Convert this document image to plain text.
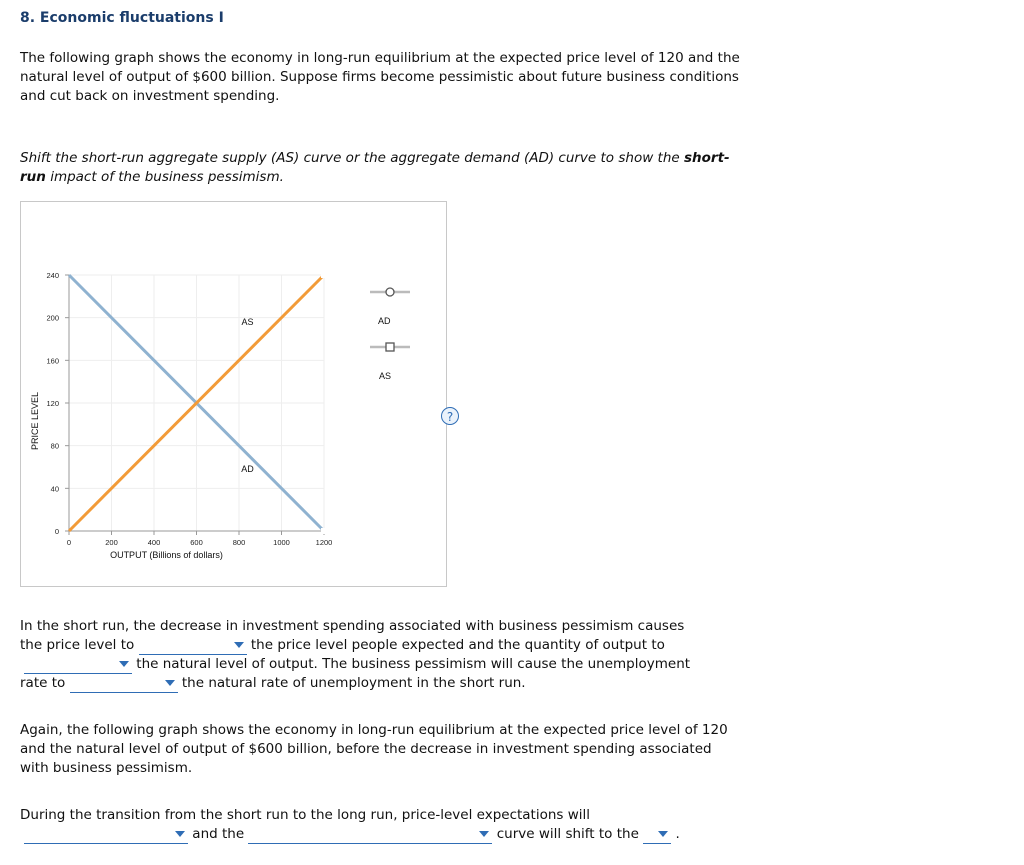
8. Economic fluctuations I
The following graph shows the economy in long-run equilibrium at the expected price level of 120 and the natural level of output of $600 billion. Suppose firms become pessimistic about future business conditions and cut back on investment spending.
Shift the short-run aggregate supply (AS) curve or the aggregate demand (AD) curve to show the short-run impact of the business pessimism.
0
40
80
120
160
200
240
0	200	400	600	800	1000	1200
OUTPUT (Billions of dollars)
PRICE LEVEL
AD
AS	AD
AS
?
In the short run, the decrease in investment spending associated with business pessimism causes
the price level to	the price level people expected and the quantity of output to
the natural level of output. The business pessimism will cause the unemployment
rate to	the natural rate of unemployment in the short run.
Again, the following graph shows the economy in long-run equilibrium at the expected price level of 120 and the natural level of output of $600 billion, before the decrease in investment spending associated with business pessimism.
During the transition from the short run to the long run, price-level expectations will
and the	curve will shift to the	.
